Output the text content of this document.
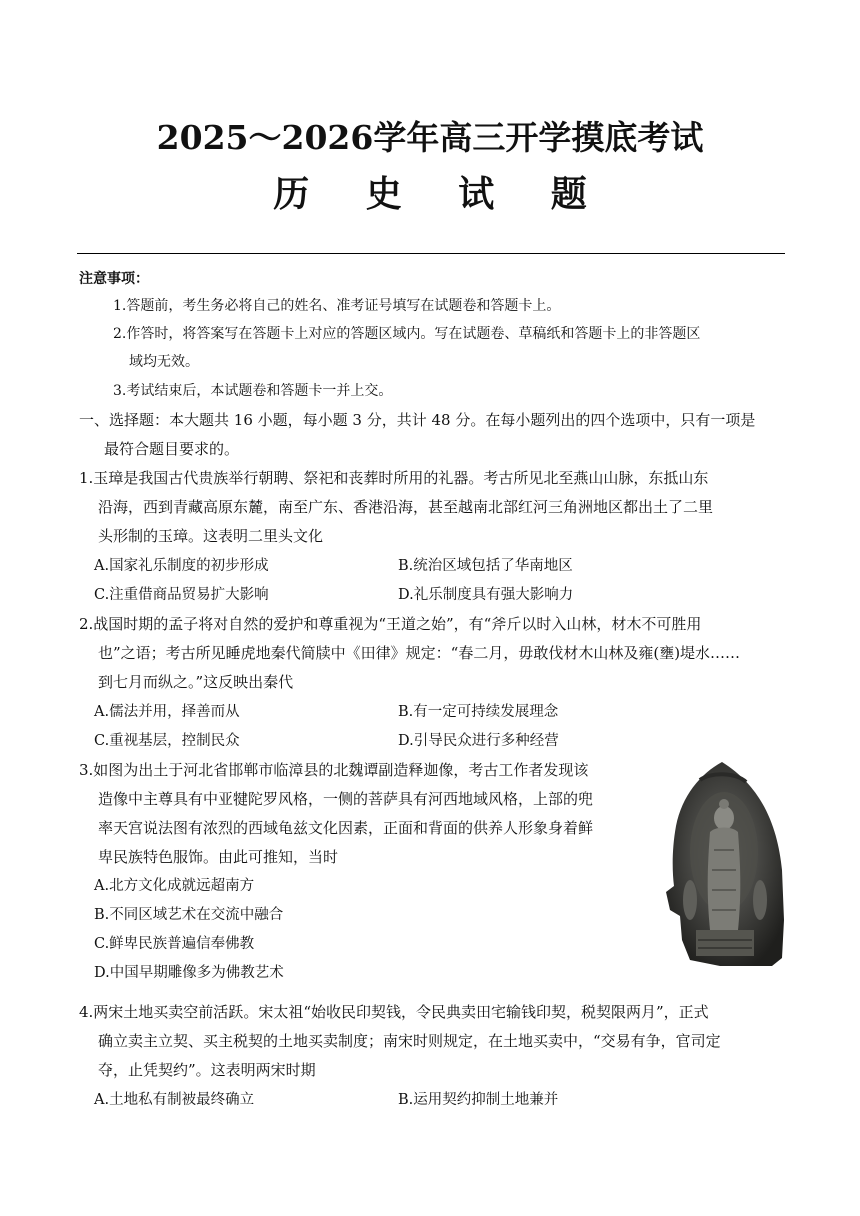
2025～2026学年高三开学摸底考试
历 史 试 题
注意事项：
1.答题前，考生务必将自己的姓名、准考证号填写在试题卷和答题卡上。
2.作答时，将答案写在答题卡上对应的答题区域内。写在试题卷、草稿纸和答题卡上的非答题区
域均无效。
3.考试结束后，本试题卷和答题卡一并上交。
一、选择题：本大题共 16 小题，每小题 3 分，共计 48 分。在每小题列出的四个选项中，只有一项是
最符合题目要求的。
1.玉璋是我国古代贵族举行朝聘、祭祀和丧葬时所用的礼器。考古所见北至燕山山脉，东抵山东
沿海，西到青藏高原东麓，南至广东、香港沿海，甚至越南北部红河三角洲地区都出土了二里
头形制的玉璋。这表明二里头文化
A.国家礼乐制度的初步形成	B.统治区域包括了华南地区
C.注重借商品贸易扩大影响	D.礼乐制度具有强大影响力
2.战国时期的孟子将对自然的爱护和尊重视为“王道之始”，有“斧斤以时入山林，材木不可胜用
也”之语；考古所见睡虎地秦代简牍中《田律》规定：“春二月，毋敢伐材木山林及雍(壅)堤水……
到七月而纵之。”这反映出秦代
A.儒法并用，择善而从	B.有一定可持续发展理念
C.重视基层，控制民众	D.引导民众进行多种经营
3.如图为出土于河北省邯郸市临漳县的北魏谭副造释迦像，考古工作者发现该
造像中主尊具有中亚犍陀罗风格，一侧的菩萨具有河西地域风格，上部的兜
率天宫说法图有浓烈的西域龟兹文化因素，正面和背面的供养人形象身着鲜
卑民族特色服饰。由此可推知，当时
A.北方文化成就远超南方
B.不同区域艺术在交流中融合
C.鲜卑民族普遍信奉佛教
D.中国早期雕像多为佛教艺术
4.两宋土地买卖空前活跃。宋太祖“始收民印契钱，令民典卖田宅输钱印契，税契限两月”，正式
确立卖主立契、买主税契的土地买卖制度；南宋时则规定，在土地买卖中，“交易有争，官司定
夺，止凭契约”。这表明两宋时期
A.土地私有制被最终确立	B.运用契约抑制土地兼并
